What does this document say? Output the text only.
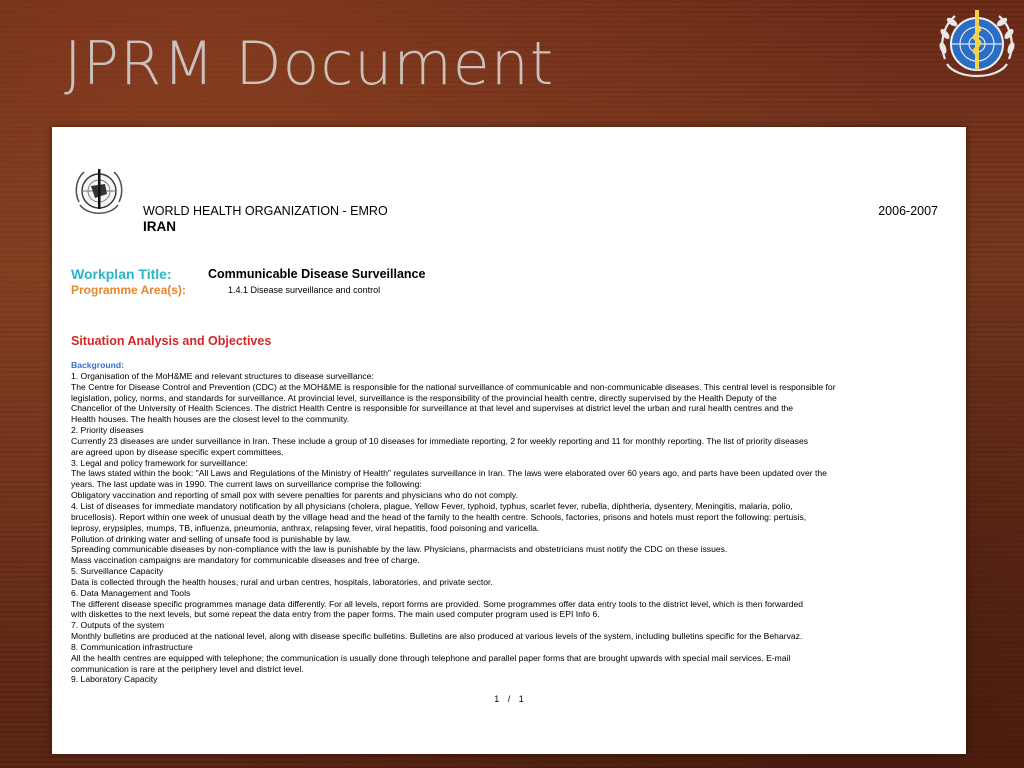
JPRM Document
WORLD HEALTH ORGANIZATION - EMRO
IRAN
2006-2007
Workplan Title:	Communicable Disease Surveillance
Programme Area(s):	1.4.1 Disease surveillance and control
Situation Analysis and Objectives
Background:
1. Organisation of the MoH&ME and relevant structures to disease surveillance:
The Centre for Disease Control and Prevention (CDC) at the MOH&ME is responsible for the national surveillance of communicable and non-communicable diseases. This central level is responsible for
legislation, policy, norms, and standards for surveillance. At provincial level, surveillance is the responsibility of the provincial health centre, directly supervised by the Health Deputy of the
Chancellor of the University of Health Sciences. The district Health Centre is responsible for surveillance at that level and supervises at district level the urban and rural health centres and the
Health houses. The health houses are the closest level to the community.
2. Priority diseases
Currently 23 diseases are under surveillance in Iran. These include a group of 10 diseases for immediate reporting, 2 for weekly reporting and 11 for monthly reporting. The list of priority diseases
are agreed upon by disease specific expert committees.
3. Legal and policy framework for surveillance:
The laws stated within the book: "All Laws and Regulations of the Ministry of Health" regulates surveillance in Iran. The laws were elaborated over 60 years ago, and parts have been updated over the
years. The last update was in 1990. The current laws on surveillance comprise the following:
Obligatory vaccination and reporting of small pox with severe penalties for parents and physicians who do not comply.
4. List of diseases for immediate mandatory notification by all physicians (cholera, plague, Yellow Fever, typhoid, typhus, scarlet fever, rubella, diphtheria, dysentery, Meningitis, malaria, polio,
brucellosis). Report within one week of unusual death by the village head and the head of the family to the health centre. Schools, factories, prisons and hotels must report the following: pertusis,
leprosy, erypsiples, mumps, TB, influenza, pneumonia, anthrax, relapsing fever, viral hepatitis, food poisoning and varicella.
Pollution of drinking water and selling of unsafe food is punishable by law.
Spreading communicable diseases by non-compliance with the law is punishable by the law. Physicians, pharmacists and obstetricians must notify the CDC on these issues.
Mass vaccination campaigns are mandatory for communicable diseases and free of charge.
5. Surveillance Capacity
Data is collected through the health houses, rural and urban centres, hospitals, laboratories, and private sector.
6. Data Management and Tools
The different disease specific programmes manage data differently. For all levels, report forms are provided. Some programmes offer data entry tools to the district level, which is then forwarded
with diskettes to the next levels, but some repeat the data entry from the paper forms. The main used computer program used is EPI Info 6.
7. Outputs of the system
Monthly bulletins are produced at the national level, along with disease specific bulletins. Bulletins are also produced at various levels of the system, including bulletins specific for the Beharvaz.
8. Communication infrastructure
All the health centres are equipped with telephone; the communication is usually done through telephone and parallel paper forms that are brought upwards with special mail services. E-mail
communication is rare at the periphery level and district level.
9. Laboratory Capacity
1 / 1
